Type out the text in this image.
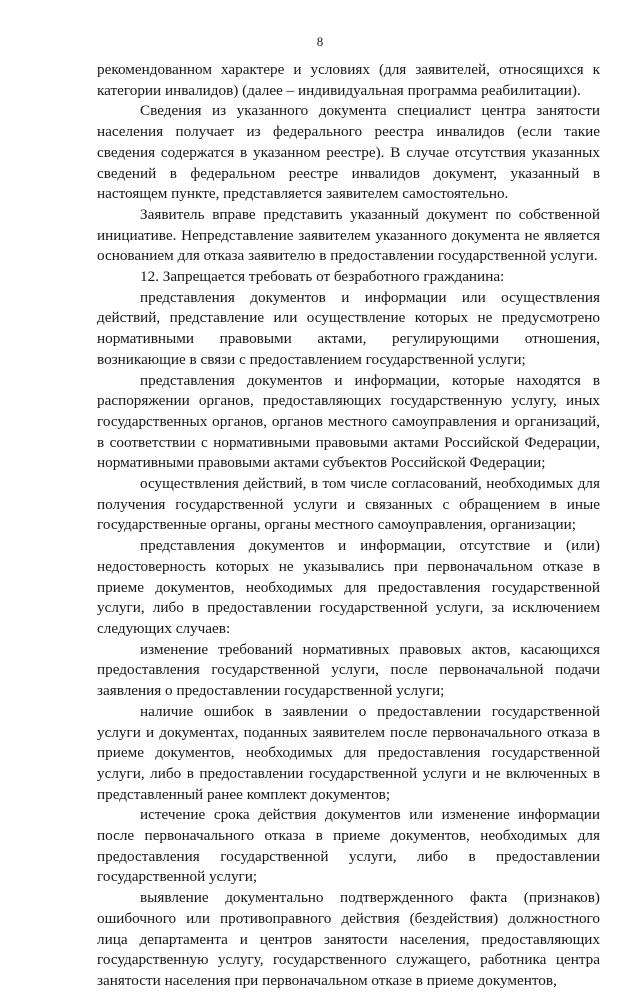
8

рекомендованном характере и условиях (для заявителей, относящихся к категории инвалидов) (далее – индивидуальная программа реабилитации).

Сведения из указанного документа специалист центра занятости населения получает из федерального реестра инвалидов (если такие сведения содержатся в указанном реестре). В случае отсутствия указанных сведений в федеральном реестре инвалидов документ, указанный в настоящем пункте, представляется заявителем самостоятельно.

Заявитель вправе представить указанный документ по собственной инициативе. Непредставление заявителем указанного документа не является основанием для отказа заявителю в предоставлении государственной услуги.

12. Запрещается требовать от безработного гражданина:

представления документов и информации или осуществления действий, представление или осуществление которых не предусмотрено нормативными правовыми актами, регулирующими отношения, возникающие в связи с предоставлением государственной услуги;

представления документов и информации, которые находятся в распоряжении органов, предоставляющих государственную услугу, иных государственных органов, органов местного самоуправления и организаций, в соответствии с нормативными правовыми актами Российской Федерации, нормативными правовыми актами субъектов Российской Федерации;

осуществления действий, в том числе согласований, необходимых для получения государственной услуги и связанных с обращением в иные государственные органы, органы местного самоуправления, организации;

представления документов и информации, отсутствие и (или) недостоверность которых не указывались при первоначальном отказе в приеме документов, необходимых для предоставления государственной услуги, либо в предоставлении государственной услуги, за исключением следующих случаев:

изменение требований нормативных правовых актов, касающихся предоставления государственной услуги, после первоначальной подачи заявления о предоставлении государственной услуги;

наличие ошибок в заявлении о предоставлении государственной услуги и документах, поданных заявителем после первоначального отказа в приеме документов, необходимых для предоставления государственной услуги, либо в предоставлении государственной услуги и не включенных в представленный ранее комплект документов;

истечение срока действия документов или изменение информации после первоначального отказа в приеме документов, необходимых для предоставления государственной услуги, либо в предоставлении государственной услуги;

выявление документально подтвержденного факта (признаков) ошибочного или противоправного действия (бездействия) должностного лица департамента и центров занятости населения, предоставляющих государственную услугу, государственного служащего, работника центра занятости населения при первоначальном отказе в приеме документов,
